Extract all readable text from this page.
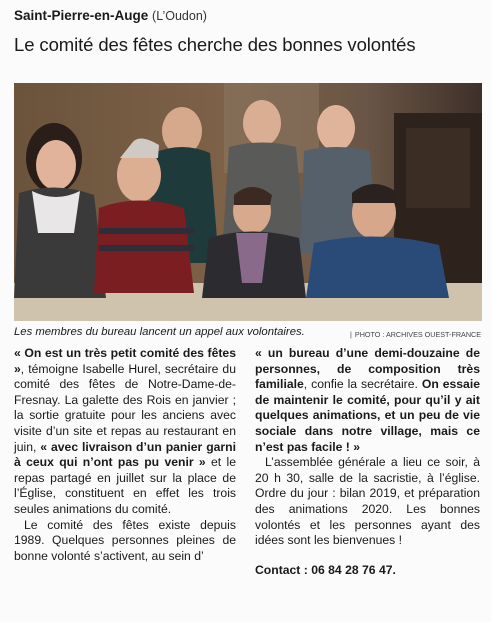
Saint-Pierre-en-Auge (L’Oudon)
Le comité des fêtes cherche des bonnes volontés
Les membres du bureau lancent un appel aux volontaires.	| PHOTO : ARCHIVES OUEST-FRANCE

« On est un très petit comité des fêtes », témoigne Isabelle Hurel, secrétaire du comité des fêtes de Notre-Dame-de-Fresnay. La galette des Rois en janvier ; la sortie gratuite pour les anciens avec visite d’un site et repas au restaurant en juin, « avec livraison d’un panier garni à ceux qui n’ont pas pu venir » et le repas partagé en juillet sur la place de l’Église, constituent en effet les trois seules animations du comité.

Le comité des fêtes existe depuis 1989. Quelques personnes pleines de bonne volonté s’activent, au sein d’

« un bureau d’une demi-douzaine de personnes, de composition très familiale, confie la secrétaire. On essaie de maintenir le comité, pour qu’il y ait quelques animations, et un peu de vie sociale dans notre village, mais ce n’est pas facile ! »

L’assemblée générale a lieu ce soir, à 20 h 30, salle de la sacristie, à l’église. Ordre du jour : bilan 2019, et préparation des animations 2020. Les bonnes volontés et les personnes ayant des idées sont les bienvenues !

Contact : 06 84 28 76 47.
